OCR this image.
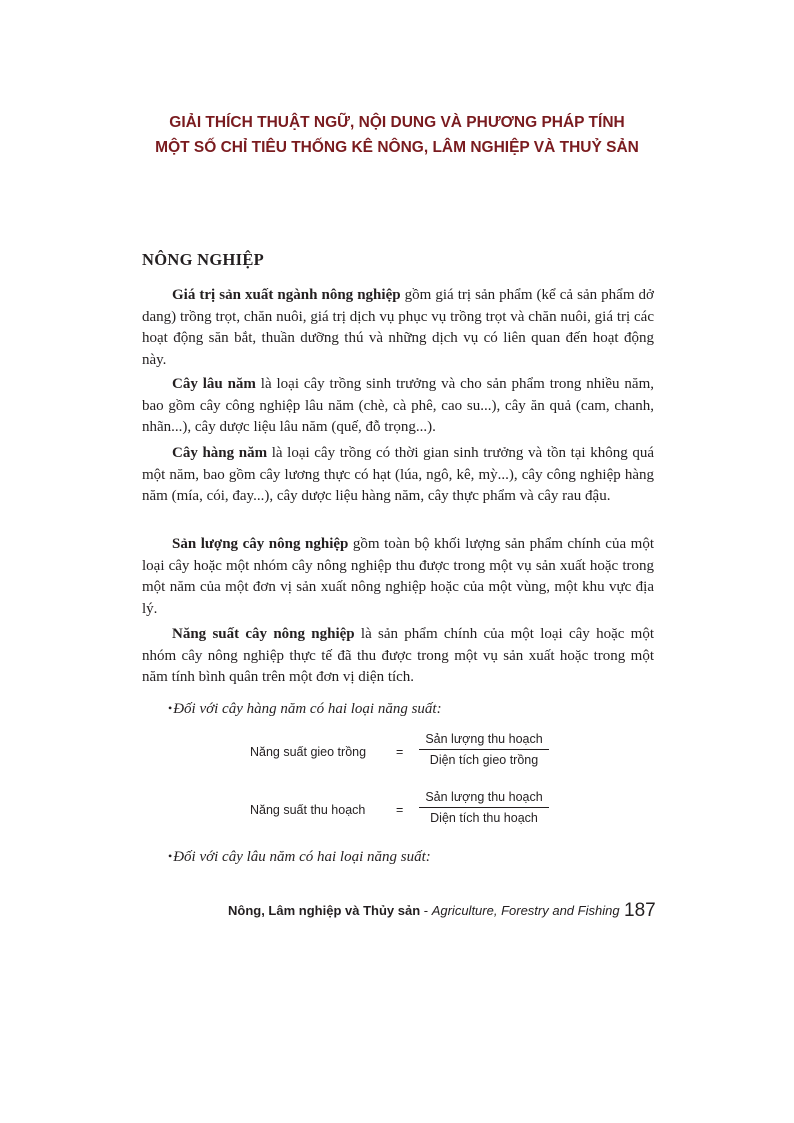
GIẢI THÍCH THUẬT NGỮ, NỘI DUNG VÀ PHƯƠNG PHÁP TÍNH
MỘT SỐ CHỈ TIÊU THỐNG KÊ NÔNG, LÂM NGHIỆP VÀ THUỶ SẢN
NÔNG NGHIỆP

Giá trị sản xuất ngành nông nghiệp gồm giá trị sản phẩm (kể cả sản phẩm dở dang) trồng trọt, chăn nuôi, giá trị dịch vụ phục vụ trồng trọt và chăn nuôi, giá trị các hoạt động săn bắt, thuần dưỡng thú và những dịch vụ có liên quan đến hoạt động này.

Cây lâu năm là loại cây trồng sinh trưởng và cho sản phẩm trong nhiều năm, bao gồm cây công nghiệp lâu năm (chè, cà phê, cao su...), cây ăn quả (cam, chanh, nhãn...), cây dược liệu lâu năm (quế, đỗ trọng...).

Cây hàng năm là loại cây trồng có thời gian sinh trưởng và tồn tại không quá một năm, bao gồm cây lương thực có hạt (lúa, ngô, kê, mỳ...), cây công nghiệp hàng năm (mía, cói, đay...), cây dược liệu hàng năm, cây thực phẩm và cây rau đậu.

Sản lượng cây nông nghiệp gồm toàn bộ khối lượng sản phẩm chính của một loại cây hoặc một nhóm cây nông nghiệp thu được trong một vụ sản xuất hoặc trong một năm của một đơn vị sản xuất nông nghiệp hoặc của một vùng, một khu vực địa lý.

Năng suất cây nông nghiệp là sản phẩm chính của một loại cây hoặc một nhóm cây nông nghiệp thực tế đã thu được trong một vụ sản xuất hoặc trong một năm tính bình quân trên một đơn vị diện tích.

•Đối với cây hàng năm có hai loại năng suất:
Năng suất gieo trồng =
Sản lượng thu hoạch
Diện tích gieo trồng
Năng suất thu hoạch =
Sản lượng thu hoạch
Diện tích thu hoạch
•Đối với cây lâu năm có hai loại năng suất:
Nông, Lâm nghiệp và Thủy sản - Agriculture, Forestry and Fishing 187
